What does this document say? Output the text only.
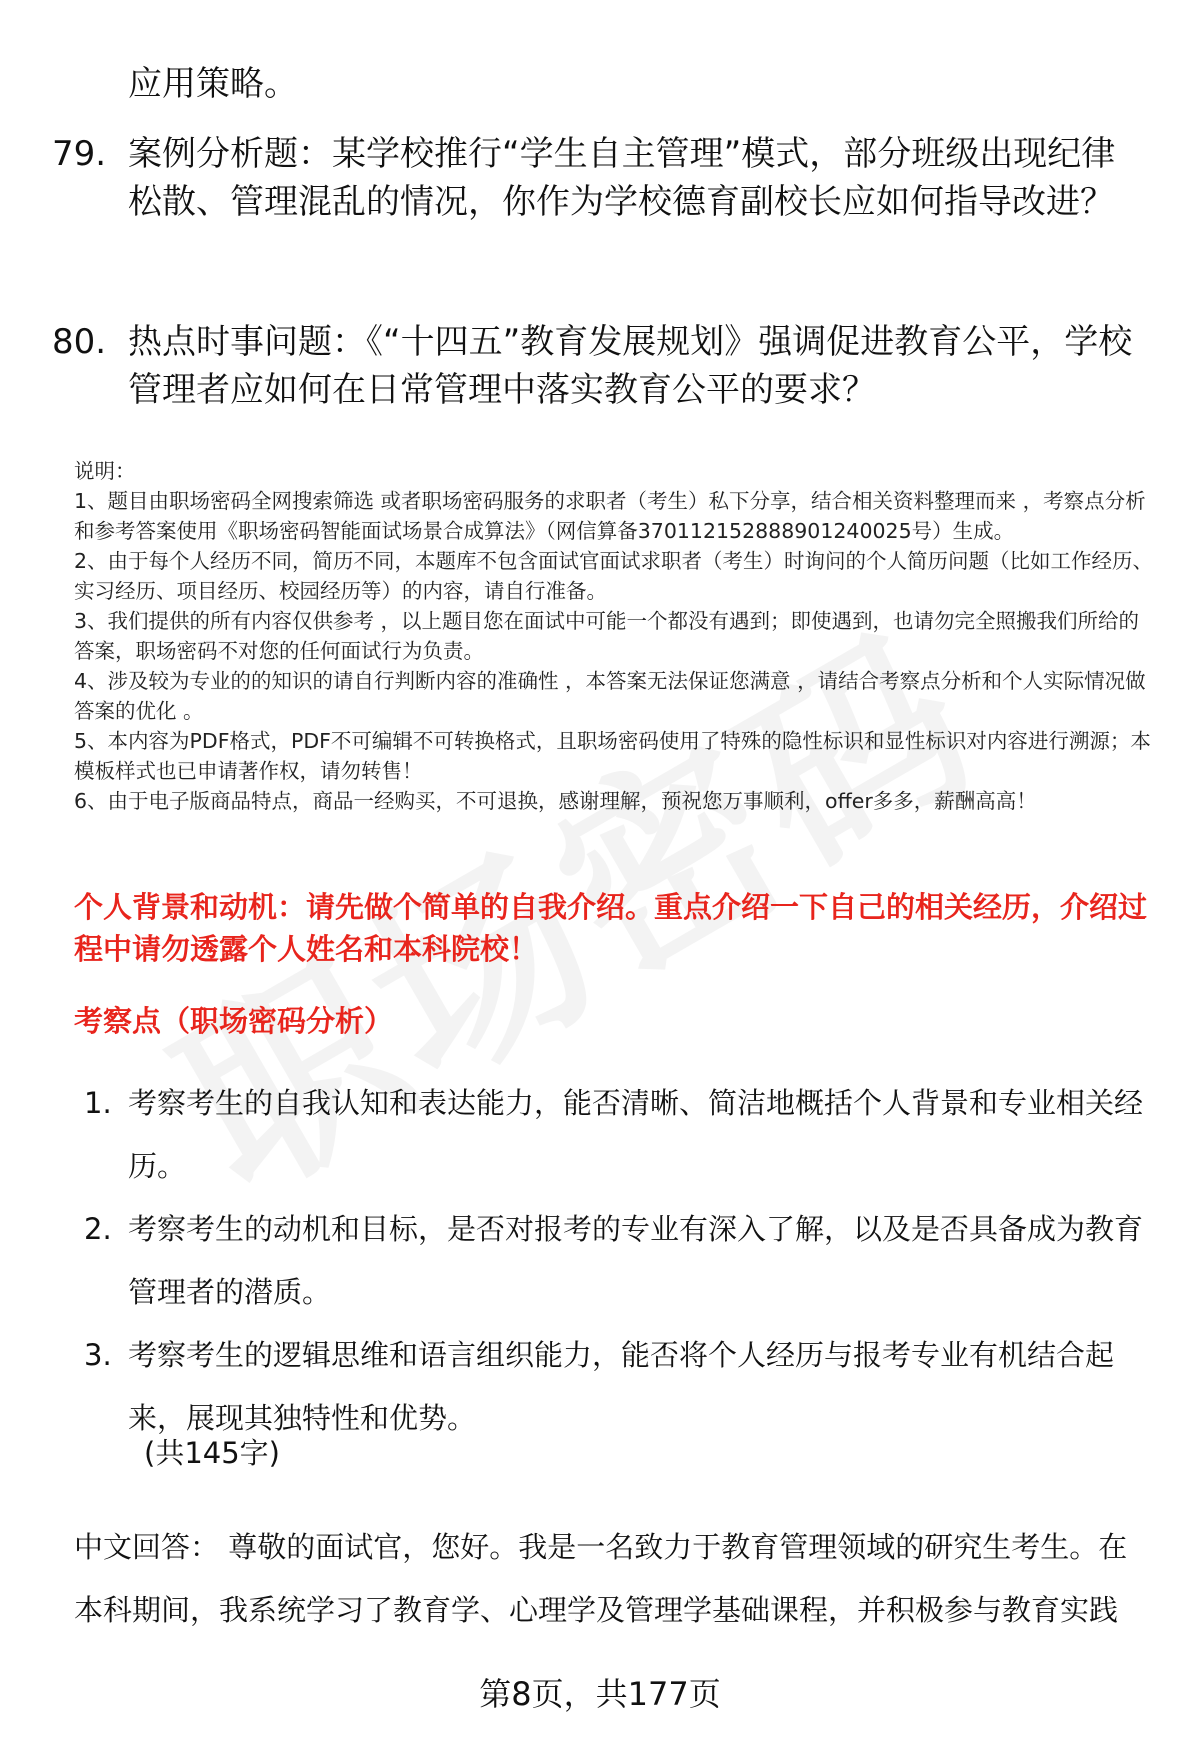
应用策略。
79. 案例分析题：某学校推行“学生自主管理”模式，部分班级出现纪律松散、管理混乱的情况，你作为学校德育副校长应如何指导改进？
80. 热点时事问题：《“十四五”教育发展规划》强调促进教育公平，学校管理者应如何在日常管理中落实教育公平的要求？

说明：

1、题目由职场密码全网搜索筛选 或者职场密码服务的求职者（考生）私下分享，结合相关资料整理而来 ，考察点分析和参考答案使用《职场密码智能面试场景合成算法》（网信算备370112152888901240025号）生成。

2、由于每个人经历不同，简历不同，本题库不包含面试官面试求职者（考生）时询问的个人简历问题（比如工作经历、实习经历、项目经历、校园经历等）的内容，请自行准备。

3、我们提供的所有内容仅供参考 ，以上题目您在面试中可能一个都没有遇到；即使遇到，也请勿完全照搬我们所给的答案，职场密码不对您的任何面试行为负责。

4、涉及较为专业的的知识的请自行判断内容的准确性 ，本答案无法保证您满意 ，请结合考察点分析和个人实际情况做答案的优化 。

5、本内容为PDF格式，PDF不可编辑不可转换格式，且职场密码使用了特殊的隐性标识和显性标识对内容进行溯源；本模板样式也已申请著作权，请勿转售！

6、由于电子版商品特点，商品一经购买，不可退换，感谢理解，预祝您万事顺利，offer多多，薪酬高高！

个人背景和动机：请先做个简单的自我介绍。重点介绍一下自己的相关经历，介绍过程中请勿透露个人姓名和本科院校！
考察点（职场密码分析）
1. 考察考生的自我认知和表达能力，能否清晰、简洁地概括个人背景和专业相关经历。
2. 考察考生的动机和目标，是否对报考的专业有深入了解，以及是否具备成为教育管理者的潜质。
3. 考察考生的逻辑思维和语言组织能力，能否将个人经历与报考专业有机结合起来，展现其独特性和优势。
(共145字)
中文回答： 尊敬的面试官，您好。我是一名致力于教育管理领域的研究生考生。在本科期间，我系统学习了教育学、心理学及管理学基础课程，并积极参与教育实践
第8页，共177页
